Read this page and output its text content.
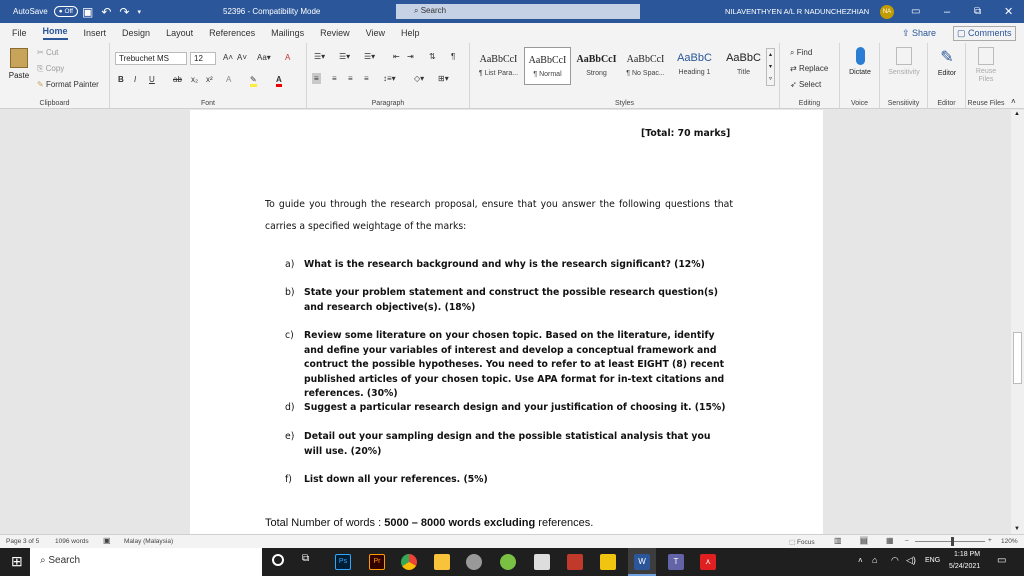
AutoSave	● Off ▣ ↶ ↷ ▾	52396 - Compatibility Mode	⌕ Search	NILAVENTHYEN A/L R NADUNCHEZHIAN	NA ▭ – ⧉ ✕
File Home Insert Design Layout References Mailings Review View Help	⇪ Share	▢ Comments
Paste
✂ Cut
⎘ Copy
✎ Format Painter
Clipboard
Trebuchet MS	12	A˄ A˅ Aa▾ A
B I U ab x₂ x² A ✎ A
Font
☰▾ ☰▾ ☰▾ ⇤ ⇥ ⇅ ¶
≡ ≡ ≡ ≡ ↕≡▾ ◇▾ ⊞▾
Paragraph
AaBbCcI
¶ List Para...
AaBbCcI
¶ Normal
AaBbCcI
Strong
AaBbCcI
¶ No Spac...
AaBbC
Heading 1
AaBbC
Title
▴
▾
▿
Styles
⌕ Find
⇄ Replace
➶ Select
Editing
Dictate
Voice
Sensitivity
Sensitivity
✎
Editor
Editor
Reuse Files
Reuse Files ˄
[Total: 70 marks]
To guide you through the research proposal, ensure that you answer the following questions that carries a specified weightage of the marks:
a) What is the research background and why is the research significant? (12%)
b) State your problem statement and construct the possible research question(s) and research objective(s). (18%)
c) Review some literature on your chosen topic. Based on the literature, identify and define your variables of interest and develop a conceptual framework and contruct the possible hypotheses. You need to refer to at least EIGHT (8) recent published articles of your chosen topic. Use APA format for in-text citations and references. (30%)
d) Suggest a particular research design and your justification of choosing it. (15%)
e) Detail out your sampling design and the possible statistical analysis that you will use. (20%)
f) List down all your references. (5%)
Total Number of words : 5000 – 8000 words excluding references.
▲
▼
Page 3 of 5 1096 words ▣ Malay (Malaysia)	⬚ Focus ▥ ▤ ▦ –	+ 120%
⊞	⌕ Search	⧉	Ps	Pr	W	T	⋏	˄ ⌂ ◠ ◁) ENG
1:18 PM
5/24/2021
▭
